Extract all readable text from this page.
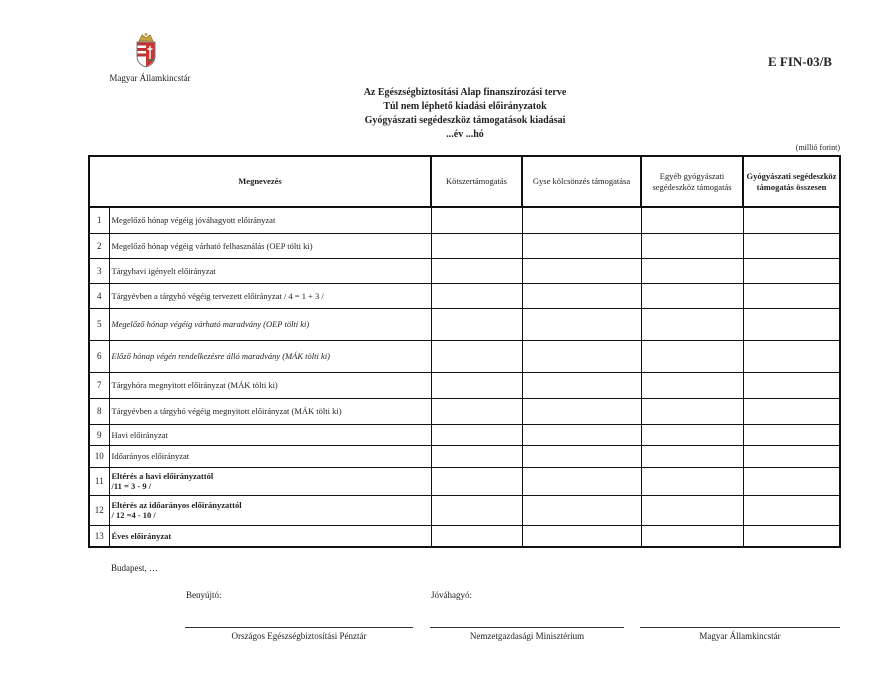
Magyar Államkincstár
E FIN-03/B
Az Egészségbiztosítási Alap finanszírozási terve
Túl nem léphető kiadási előirányzatok
Gyógyászati segédeszköz támogatások kiadásai
...év ...hó
(millió forint)
Megnevezés		Kötszertámogatás	Gyse kölcsönzés támogatása	Egyéb gyógyászati segédeszköz támogatás	Gyógyászati segédeszköz támogatás összesen
1	Megelőző hónap végéig jóváhagyott előirányzat				
2	Megelőző hónap végéig várható felhasználás (OEP tölti ki)				
3	Tárgyhavi igényelt előirányzat				
4	Tárgyévben a tárgyhó végéig tervezett előirányzat / 4 = 1 + 3 /				
5	Megelőző hónap végéig várható maradvány (OEP tölti ki)				
6	Előző hónap végén rendelkezésre álló maradvány (MÁK tölti ki)				
7	Tárgyhóra megnyitott előirányzat (MÁK tölti ki)				
8	Tárgyévben a tárgyhó végéig megnyitott előirányzat (MÁK tölti ki)				
9	Havi előirányzat				
10	Időarányos előirányzat				
11	Eltérés a havi előirányzattól
/11 = 3 - 9 /				

12	Eltérés az időarányos előirányzattól
/ 12 =4 - 10 /				

13	Éves előirányzat				
Budapest, …
Benyújtó:	Jóváhagyó:
Országos Egészségbiztosítási Pénztár	Nemzetgazdasági Minisztérium	Magyar Államkincstár
